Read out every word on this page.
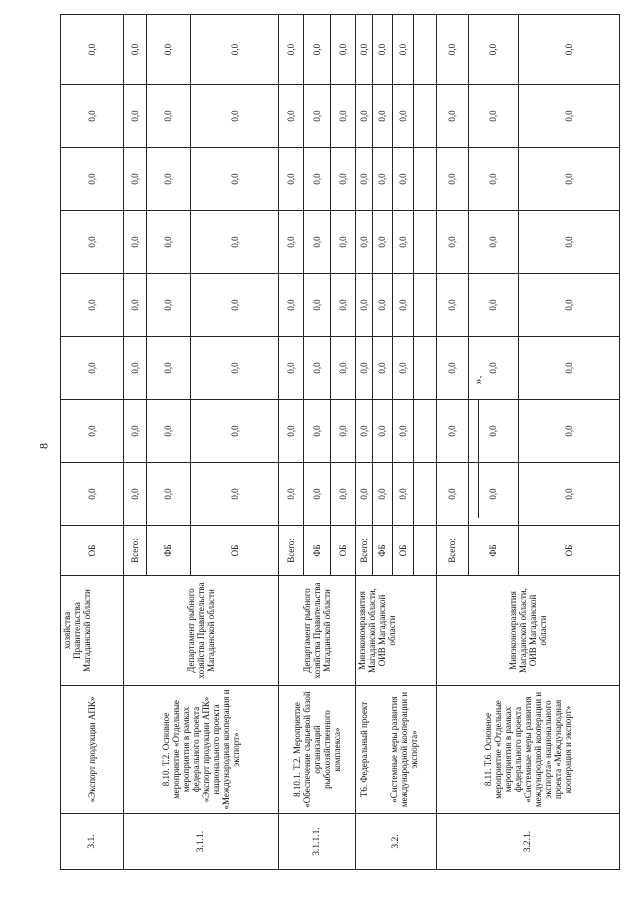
8
».
3.1.	«Экспорт продукции АПК»	хозяйства
Правительства
Магаданской области	ОБ	0,0	0,0	0,0	0,0	0,0	0,0	0,0	0,0
3.1.1.	8.10. Т.2. Основное мероприятие «Отдельные мероприятия в рамках федерального проекта «Экспорт продукции АПК» национального проекта «Международная кооперация и экспорт»	Департамент рыбного хозяйства Правительства Магаданской области	Всего:	0,0	0,0	0,0	0,0	0,0	0,0	0,0	0,0
			ФБ	0,0	0,0	0,0	0,0	0,0	0,0	0,0	0,0
			ОБ	0,0	0,0	0,0	0,0	0,0	0,0	0,0	0,0
3.1.1.1.	8.10.1. Т.2. Мероприятие «Обеспечение сырьевой базой организаций рыбохозяйственного комплекса»	Департамент рыбного хозяйства Правительства Магаданской области	Всего:	0,0	0,0	0,0	0,0	0,0	0,0	0,0	0,0
			ФБ	0,0	0,0	0,0	0,0	0,0	0,0	0,0	0,0
			ОБ	0,0	0,0	0,0	0,0	0,0	0,0	0,0	0,0
3.2.	Т6. Федеральный проект	Минэкономразвития Магаданской области, ОИВ Магаданской области	Всего:	0,0	0,0	0,0	0,0	0,0	0,0	0,0	0,0
	«Системные меры развития международной кооперации и экспорта»		ФБ	0,0	0,0	0,0	0,0	0,0	0,0	0,0	0,0
			ОБ	0,0	0,0	0,0	0,0	0,0	0,0	0,0	0,0

3.2.1.	8.11. Т.6. Основное мероприятие «Отдельные мероприятия в рамках федерального проекта «Системные меры развития международной кооперации и экспорта» национального проекта «Международная кооперация и экспорт»	Минэкономразвития Магаданской области, ОИВ Магаданской области	Всего:	0,0	0,0	0,0	0,0	0,0	0,0	0,0	0,0
			ФБ	0,0	0,0	0,0	0,0	0,0	0,0	0,0	0,0
			ОБ	0,0	0,0	0,0	0,0	0,0	0,0	0,0	0,0
